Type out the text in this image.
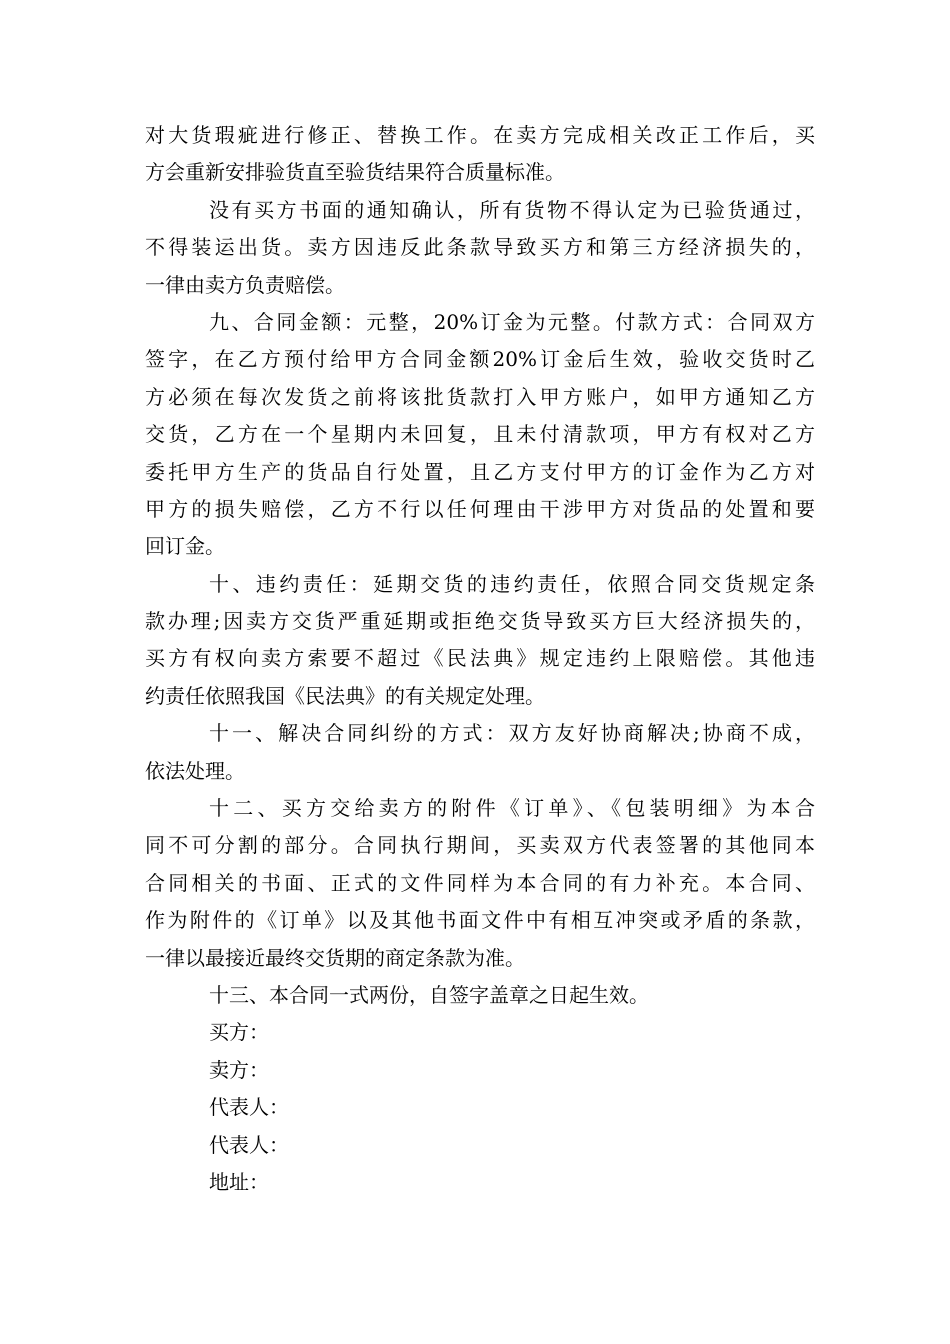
对大货瑕疵进行修正、替换工作。在卖方完成相关改正工作后，买
方会重新安排验货直至验货结果符合质量标准。
没有买方书面的通知确认，所有货物不得认定为已验货通过，
不得装运出货。卖方因违反此条款导致买方和第三方经济损失的，
一律由卖方负责赔偿。
九、合同金额：元整，20%订金为元整。付款方式：合同双方
签字，在乙方预付给甲方合同金额20%订金后生效，验收交货时乙
方必须在每次发货之前将该批货款打入甲方账户，如甲方通知乙方
交货，乙方在一个星期内未回复，且未付清款项，甲方有权对乙方
委托甲方生产的货品自行处置，且乙方支付甲方的订金作为乙方对
甲方的损失赔偿，乙方不行以任何理由干涉甲方对货品的处置和要
回订金。
十、违约责任：延期交货的违约责任，依照合同交货规定条
款办理;因卖方交货严重延期或拒绝交货导致买方巨大经济损失的，
买方有权向卖方索要不超过《民法典》规定违约上限赔偿。其他违
约责任依照我国《民法典》的有关规定处理。
十一、解决合同纠纷的方式：双方友好协商解决;协商不成，
依法处理。
十二、买方交给卖方的附件《订单》、《包装明细》为本合
同不可分割的部分。合同执行期间，买卖双方代表签署的其他同本
合同相关的书面、正式的文件同样为本合同的有力补充。本合同、
作为附件的《订单》以及其他书面文件中有相互冲突或矛盾的条款，
一律以最接近最终交货期的商定条款为准。
十三、本合同一式两份，自签字盖章之日起生效。
买方：
卖方：
代表人：
代表人：
地址：
